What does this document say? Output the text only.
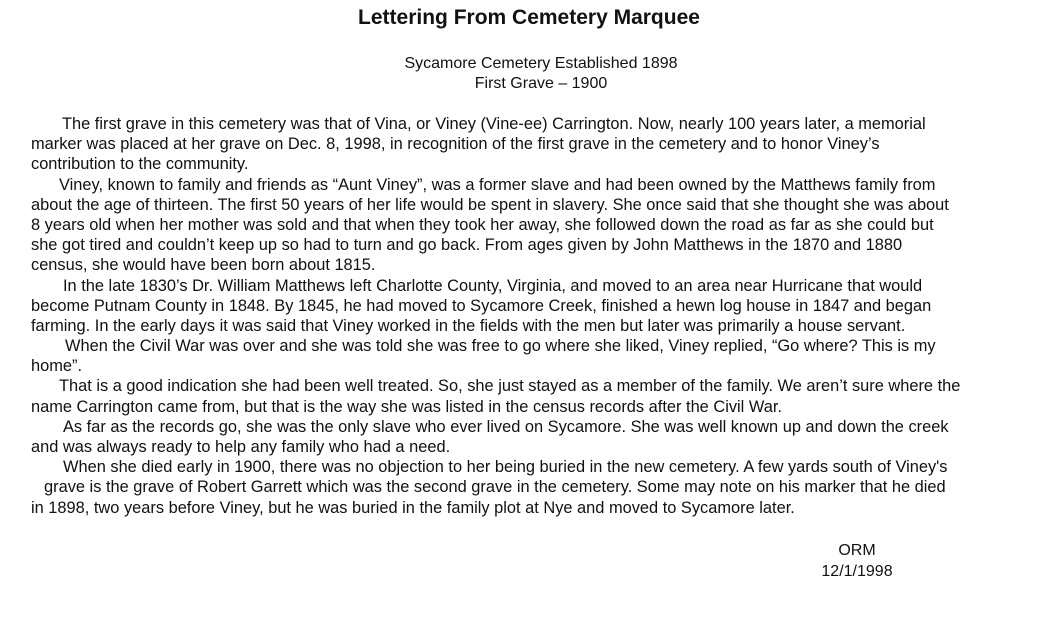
Lettering From Cemetery Marquee
Sycamore Cemetery Established 1898
First Grave – 1900
The first grave in this cemetery was that of Vina, or Viney (Vine-ee) Carrington. Now, nearly 100 years later, a memorial
marker was placed at her grave on Dec. 8, 1998, in recognition of the first grave in the cemetery and to honor Viney’s
contribution to the community.
Viney, known to family and friends as “Aunt Viney”, was a former slave and had been owned by the Matthews family from
about the age of thirteen. The first 50 years of her life would be spent in slavery. She once said that she thought she was about
8 years old when her mother was sold and that when they took her away, she followed down the road as far as she could but
she got tired and couldn’t keep up so had to turn and go back. From ages given by John Matthews in the 1870 and 1880
census, she would have been born about 1815.
In the late 1830’s Dr. William Matthews left Charlotte County, Virginia, and moved to an area near Hurricane that would
become Putnam County in 1848. By 1845, he had moved to Sycamore Creek, finished a hewn log house in 1847 and began
farming. In the early days it was said that Viney worked in the fields with the men but later was primarily a house servant.
When the Civil War was over and she was told she was free to go where she liked, Viney replied, “Go where? This is my
home”.
That is a good indication she had been well treated. So, she just stayed as a member of the family. We aren’t sure where the
name Carrington came from, but that is the way she was listed in the census records after the Civil War.
As far as the records go, she was the only slave who ever lived on Sycamore. She was well known up and down the creek
and was always ready to help any family who had a need.
When she died early in 1900, there was no objection to her being buried in the new cemetery. A few yards south of Viney's
grave is the grave of Robert Garrett which was the second grave in the cemetery. Some may note on his marker that he died
in 1898, two years before Viney, but he was buried in the family plot at Nye and moved to Sycamore later.
ORM
12/1/1998
